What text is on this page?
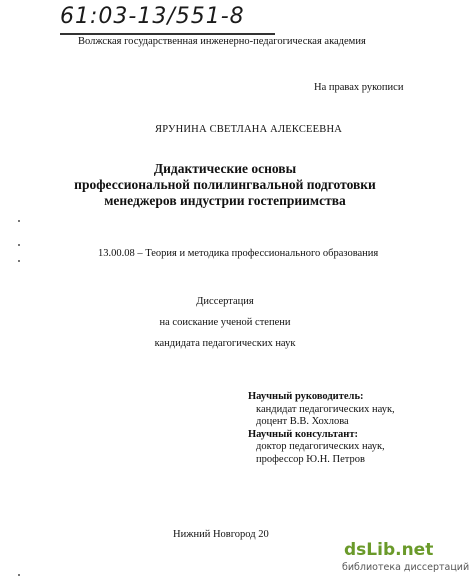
61:03-13/551-8
Волжская государственная инженерно-педагогическая академия
На правах рукописи
ЯРУНИНА СВЕТЛАНА АЛЕКСЕЕВНА
Дидактические основы
профессиональной полилингвальной подготовки
менеджеров индустрии гостеприимства
13.00.08 – Теория и методика профессионального образования
Диссертация
на соискание ученой степени
кандидата педагогических наук
Научный руководитель:
кандидат педагогических наук,
доцент В.В. Хохлова
Научный консультант:
доктор педагогических наук,
профессор Ю.Н. Петров
Нижний Новгород 20
dsLib.net
библиотека диссертаций
